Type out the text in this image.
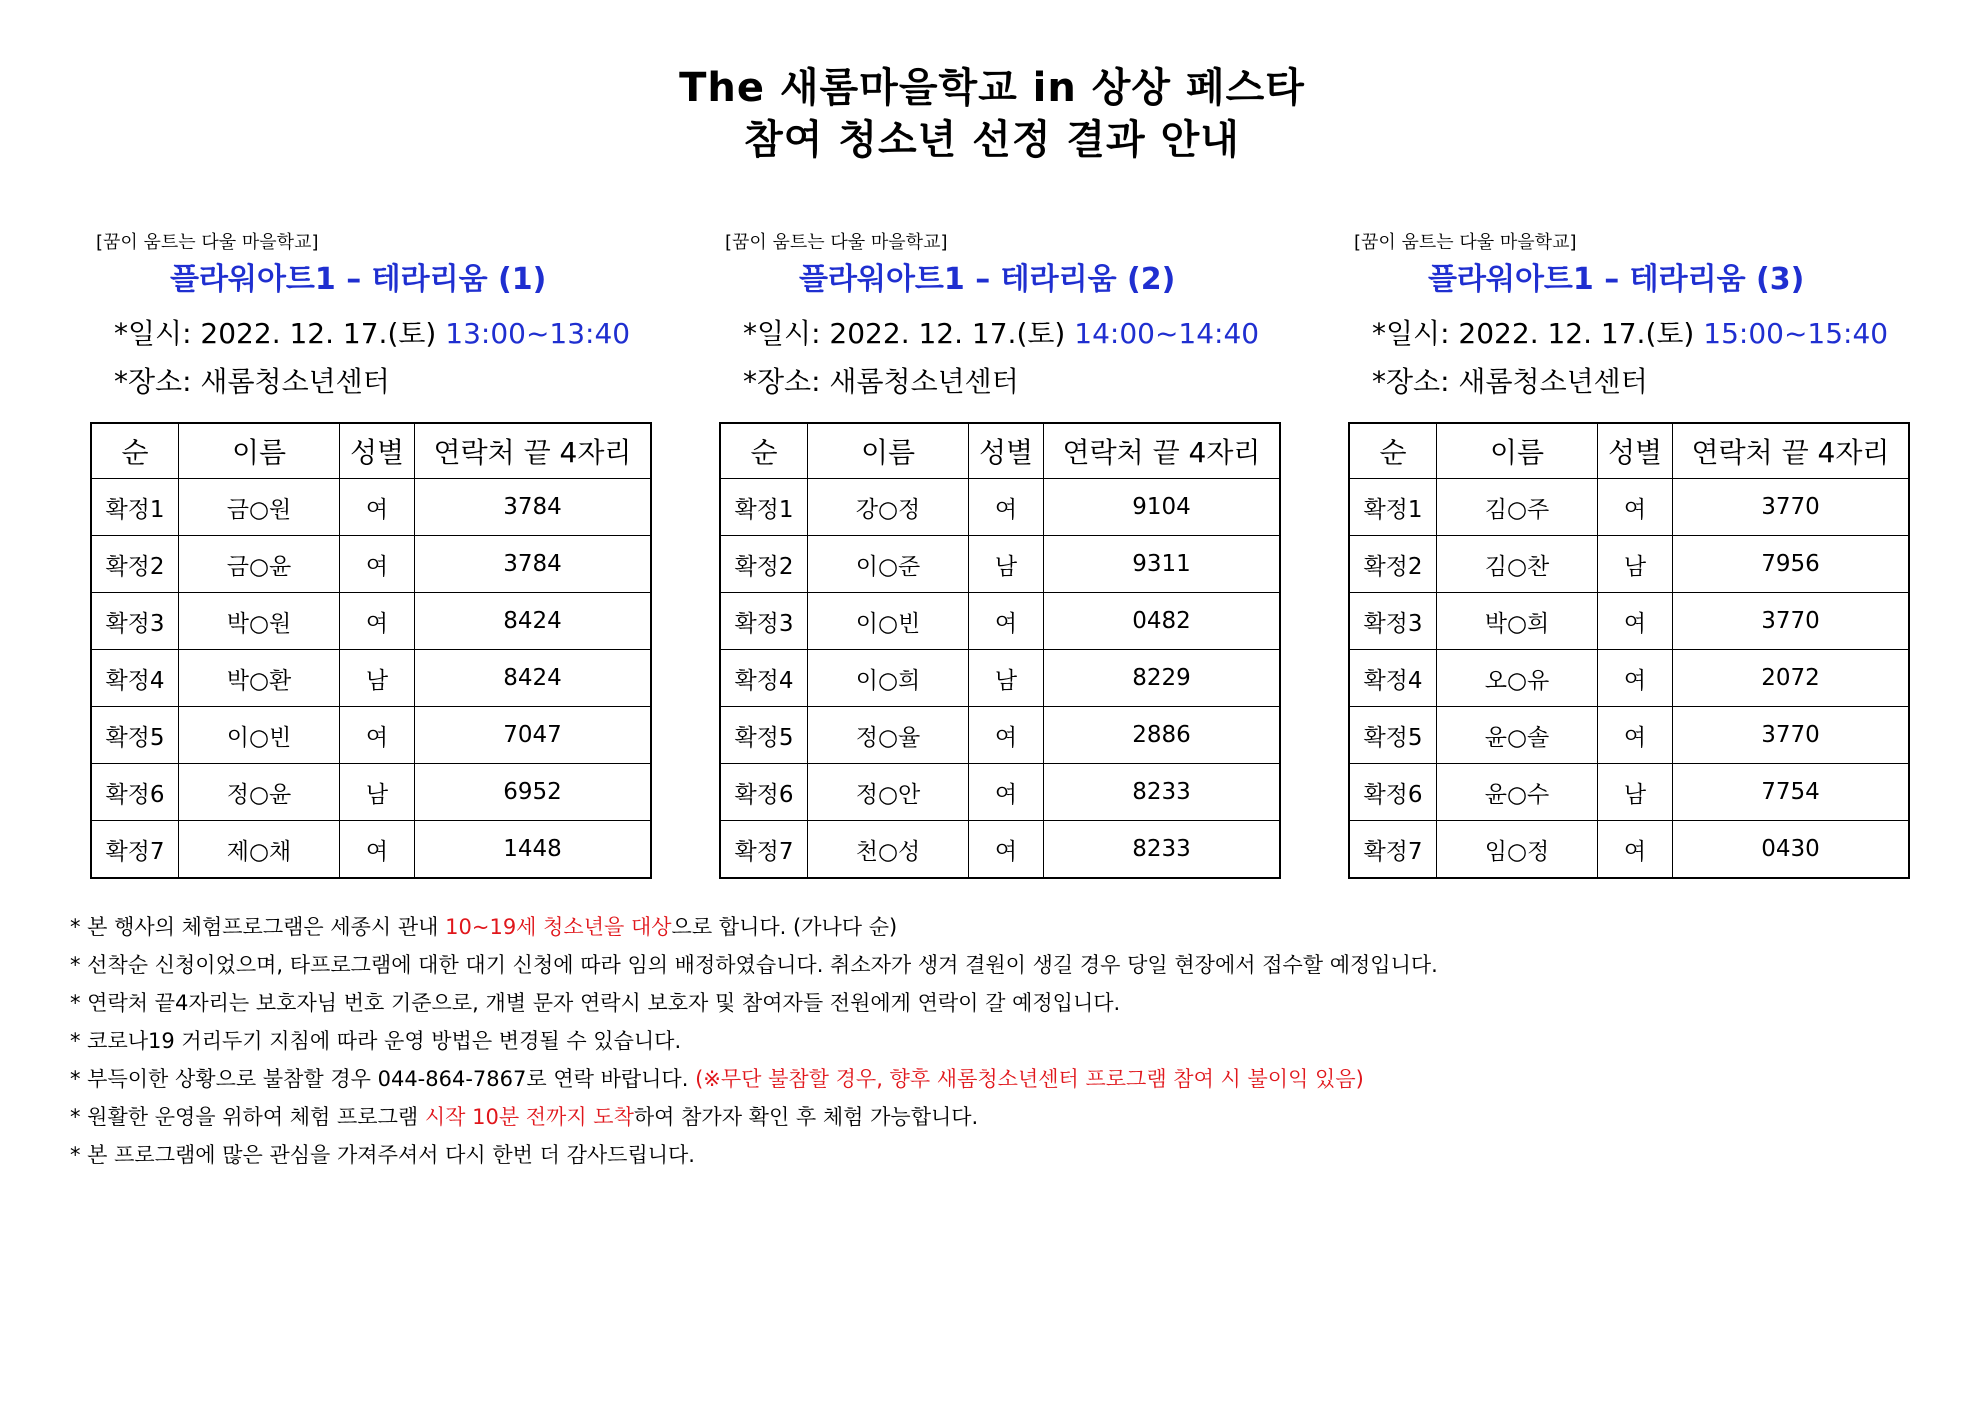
The 새롬마을학교 in 상상 페스타
참여 청소년 선정 결과 안내
[꿈이 움트는 다울 마을학교]
플라워아트1 – 테라리움 (1)
*일시: 2022. 12. 17.(토) 13:00~13:40
*장소: 새롬청소년센터
순	이름	성별	연락처 끝 4자리
확정1	금○원	여	3784
확정2	금○윤	여	3784
확정3	박○원	여	8424
확정4	박○환	남	8424
확정5	이○빈	여	7047
확정6	정○윤	남	6952
확정7	제○채	여	1448
[꿈이 움트는 다울 마을학교]
플라워아트1 – 테라리움 (2)
*일시: 2022. 12. 17.(토) 14:00~14:40
*장소: 새롬청소년센터
순	이름	성별	연락처 끝 4자리
확정1	강○정	여	9104
확정2	이○준	남	9311
확정3	이○빈	여	0482
확정4	이○희	남	8229
확정5	정○율	여	2886
확정6	정○안	여	8233
확정7	천○성	여	8233
[꿈이 움트는 다울 마을학교]
플라워아트1 – 테라리움 (3)
*일시: 2022. 12. 17.(토) 15:00~15:40
*장소: 새롬청소년센터
순	이름	성별	연락처 끝 4자리
확정1	김○주	여	3770
확정2	김○찬	남	7956
확정3	박○희	여	3770
확정4	오○유	여	2072
확정5	윤○솔	여	3770
확정6	윤○수	남	7754
확정7	임○정	여	0430
* 본 행사의 체험프로그램은 세종시 관내 10~19세 청소년을 대상으로 합니다. (가나다 순)
* 선착순 신청이었으며, 타프로그램에 대한 대기 신청에 따라 임의 배정하였습니다. 취소자가 생겨 결원이 생길 경우 당일 현장에서 접수할 예정입니다.
* 연락처 끝4자리는 보호자님 번호 기준으로, 개별 문자 연락시 보호자 및 참여자들 전원에게 연락이 갈 예정입니다.
* 코로나19 거리두기 지침에 따라 운영 방법은 변경될 수 있습니다.
* 부득이한 상황으로 불참할 경우 044-864-7867로 연락 바랍니다. (※무단 불참할 경우, 향후 새롬청소년센터 프로그램 참여 시 불이익 있음)
* 원활한 운영을 위하여 체험 프로그램 시작 10분 전까지 도착하여 참가자 확인 후 체험 가능합니다.
* 본 프로그램에 많은 관심을 가져주셔서 다시 한번 더 감사드립니다.
